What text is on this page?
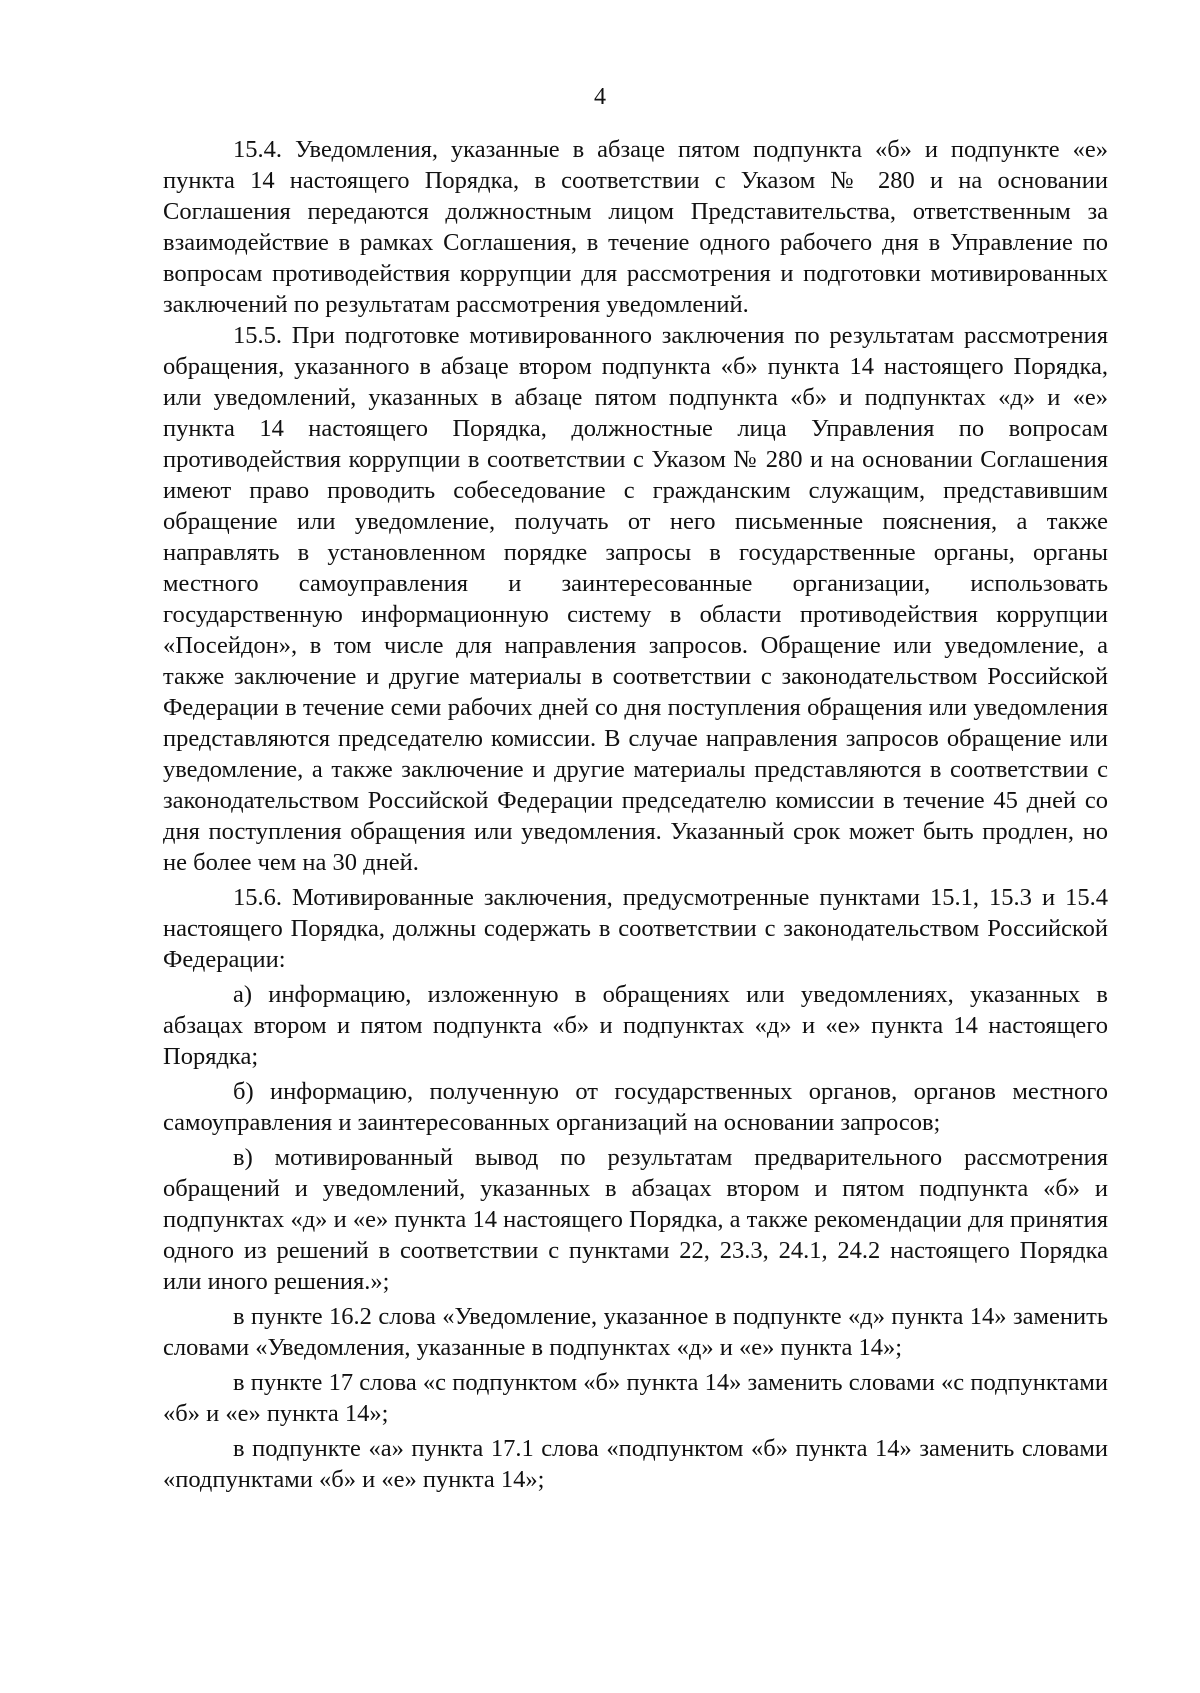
4

15.4. Уведомления, указанные в абзаце пятом подпункта «б» и подпункте «е» пункта 14 настоящего Порядка, в соответствии с Указом № 280 и на основании Соглашения передаются должностным лицом Представительства, ответственным за взаимодействие в рамках Соглашения, в течение одного рабочего дня в Управление по вопросам противодействия коррупции для рассмотрения и подготовки мотивированных заключений по результатам рассмотрения уведомлений.

15.5. При подготовке мотивированного заключения по результатам рассмотрения обращения, указанного в абзаце втором подпункта «б» пункта 14 настоящего Порядка, или уведомлений, указанных в абзаце пятом подпункта «б» и подпунктах «д» и «е» пункта 14 настоящего Порядка, должностные лица Управления по вопросам противодействия коррупции в соответствии с Указом № 280 и на основании Соглашения имеют право проводить собеседование с гражданским служащим, представившим обращение или уведомление, получать от него письменные пояснения, а также направлять в установленном порядке запросы в государственные органы, органы местного самоуправления и заинтересованные организации, использовать государственную информационную систему в области противодействия коррупции «Посейдон», в том числе для направления запросов. Обращение или уведомление, а также заключение и другие материалы в соответствии с законодательством Российской Федерации в течение семи рабочих дней со дня поступления обращения или уведомления представляются председателю комиссии. В случае направления запросов обращение или уведомление, а также заключение и другие материалы представляются в соответствии с законодательством Российской Федерации председателю комиссии в течение 45 дней со дня поступления обращения или уведомления. Указанный срок может быть продлен, но не более чем на 30 дней.

15.6. Мотивированные заключения, предусмотренные пунктами 15.1, 15.3 и 15.4 настоящего Порядка, должны содержать в соответствии с законодательством Российской Федерации:

а) информацию, изложенную в обращениях или уведомлениях, указанных в абзацах втором и пятом подпункта «б» и подпунктах «д» и «е» пункта 14 настоящего Порядка;

б) информацию, полученную от государственных органов, органов местного самоуправления и заинтересованных организаций на основании запросов;

в) мотивированный вывод по результатам предварительного рассмотрения обращений и уведомлений, указанных в абзацах втором и пятом подпункта «б» и подпунктах «д» и «е» пункта 14 настоящего Порядка, а также рекомендации для принятия одного из решений в соответствии с пунктами 22, 23.3, 24.1, 24.2 настоящего Порядка или иного решения.»;

в пункте 16.2 слова «Уведомление, указанное в подпункте «д» пункта 14» заменить словами «Уведомления, указанные в подпунктах «д» и «е» пункта 14»;

в пункте 17 слова «с подпунктом «б» пункта 14» заменить словами «с подпунктами «б» и «е» пункта 14»;

в подпункте «а» пункта 17.1 слова «подпунктом «б» пункта 14» заменить словами «подпунктами «б» и «е» пункта 14»;
